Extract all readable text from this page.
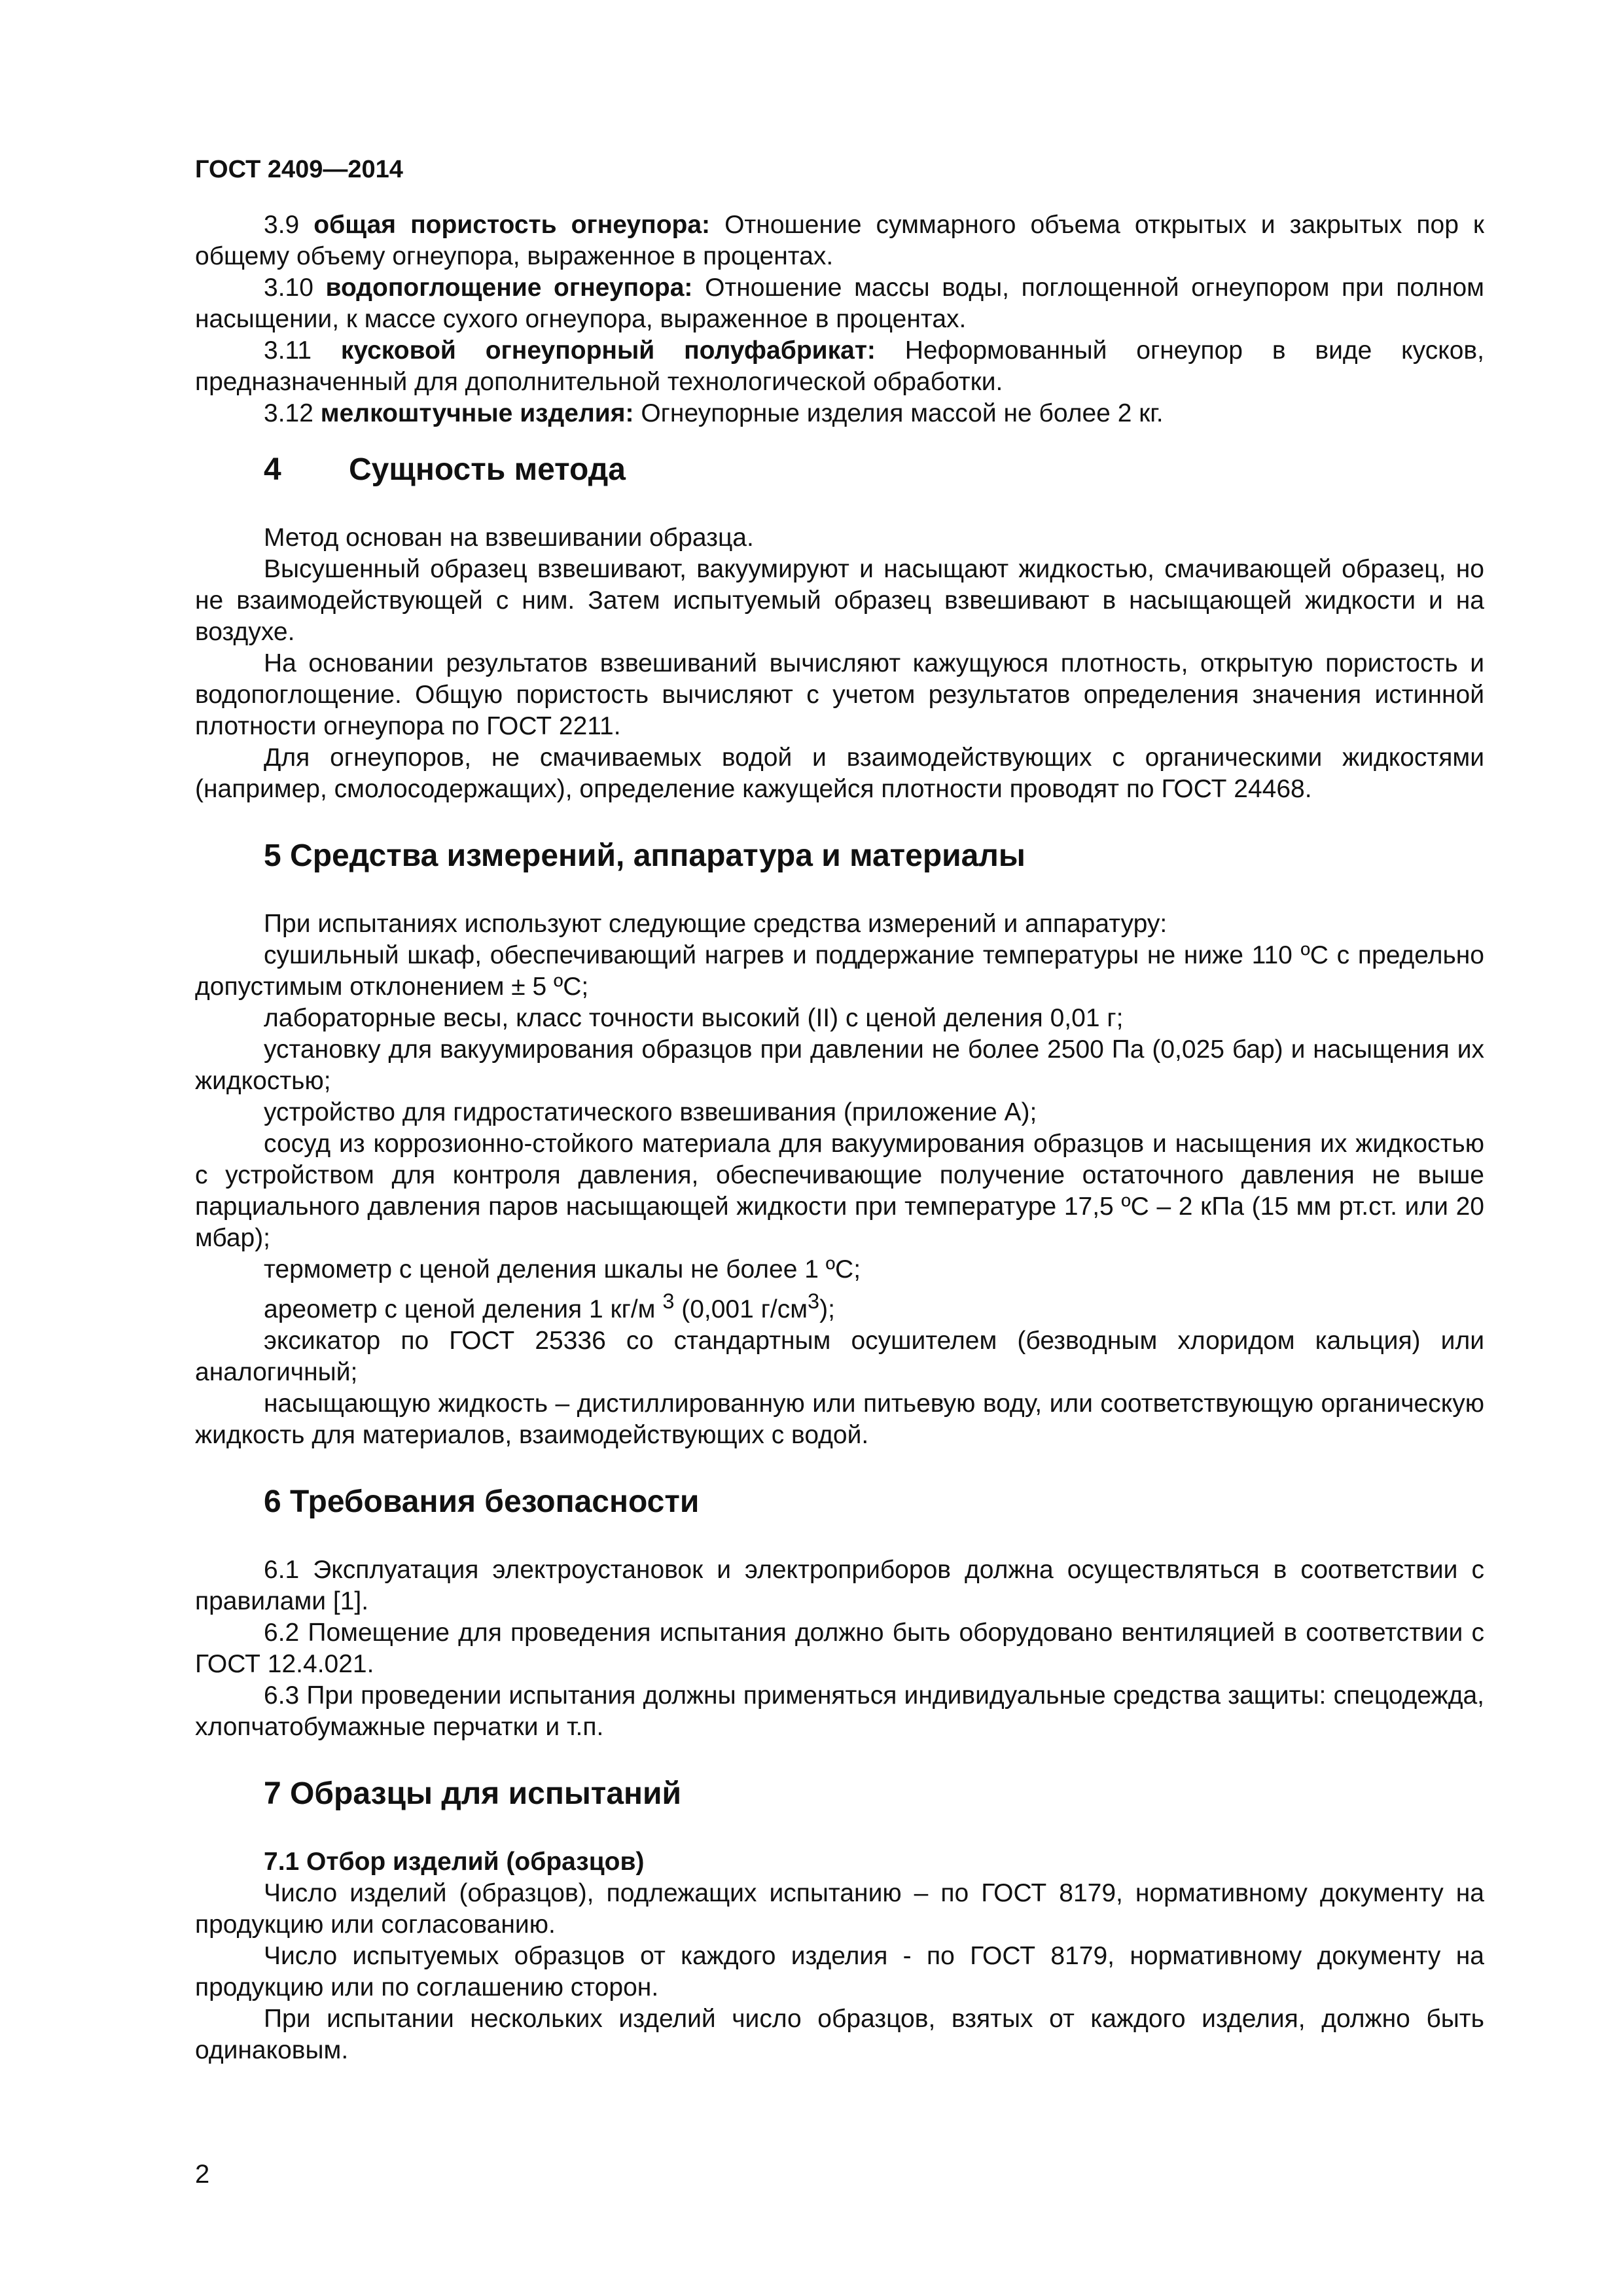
ГОСТ 2409—2014

3.9 общая пористость огнеупора: Отношение суммарного объема открытых и закрытых пор к общему объему огнеупора, выраженное в процентах.

3.10 водопоглощение огнеупора: Отношение массы воды, поглощенной огнеупором при полном насыщении, к массе сухого огнеупора, выраженное в процентах.

3.11 кусковой огнеупорный полуфабрикат: Неформованный огнеупор в виде кусков, предназначенный для дополнительной технологической обработки.

3.12 мелкоштучные изделия: Огнеупорные изделия массой не более 2 кг.

4 Сущность метода

Метод основан на взвешивании образца.

Высушенный образец взвешивают, вакуумируют и насыщают жидкостью, смачивающей образец, но не взаимодействующей с ним. Затем испытуемый образец взвешивают в насыщающей жидкости и на воздухе.

На основании результатов взвешиваний вычисляют кажущуюся плотность, открытую пористость и водопоглощение. Общую пористость вычисляют с учетом результатов определения значения истинной плотности огнеупора по ГОСТ 2211.

Для огнеупоров, не смачиваемых водой и взаимодействующих с органическими жидкостями (например, смолосодержащих), определение кажущейся плотности проводят по ГОСТ 24468.

5 Средства измерений, аппаратура и материалы

При испытаниях используют следующие средства измерений и аппаратуру:

сушильный шкаф, обеспечивающий нагрев и поддержание температуры не ниже 110 ºС с предельно допустимым отклонением ± 5 ºС;

лабораторные весы, класс точности высокий (II) с ценой деления 0,01 г;

установку для вакуумирования образцов при давлении не более 2500 Па (0,025 бар) и насыщения их жидкостью;

устройство для гидростатического взвешивания (приложение А);

сосуд из коррозионно-стойкого материала для вакуумирования образцов и насыщения их жидкостью с устройством для контроля давления, обеспечивающие получение остаточного давления не выше парциального давления паров насыщающей жидкости при температуре 17,5 ºС – 2 кПа (15 мм рт.ст. или 20 мбар);

термометр с ценой деления шкалы не более 1 ºС;

ареометр с ценой деления 1 кг/м $^3$ (0,001 $г/см^3$);

эксикатор по ГОСТ 25336 со стандартным осушителем (безводным хлоридом кальция) или аналогичный;

насыщающую жидкость – дистиллированную или питьевую воду, или соответствующую органическую жидкость для материалов, взаимодействующих с водой.

6 Требования безопасности

6.1 Эксплуатация электроустановок и электроприборов должна осуществляться в соответствии с правилами [1].

6.2 Помещение для проведения испытания должно быть оборудовано вентиляцией в соответствии с ГОСТ 12.4.021.

6.3 При проведении испытания должны применяться индивидуальные средства защиты: спецодежда, хлопчатобумажные перчатки и т.п.

7 Образцы для испытаний

7.1 Отбор изделий (образцов)

Число изделий (образцов), подлежащих испытанию – по ГОСТ 8179, нормативному документу на продукцию или согласованию.

Число испытуемых образцов от каждого изделия - по ГОСТ 8179, нормативному документу на продукцию или по соглашению сторон.

При испытании нескольких изделий число образцов, взятых от каждого изделия, должно быть одинаковым.

2
